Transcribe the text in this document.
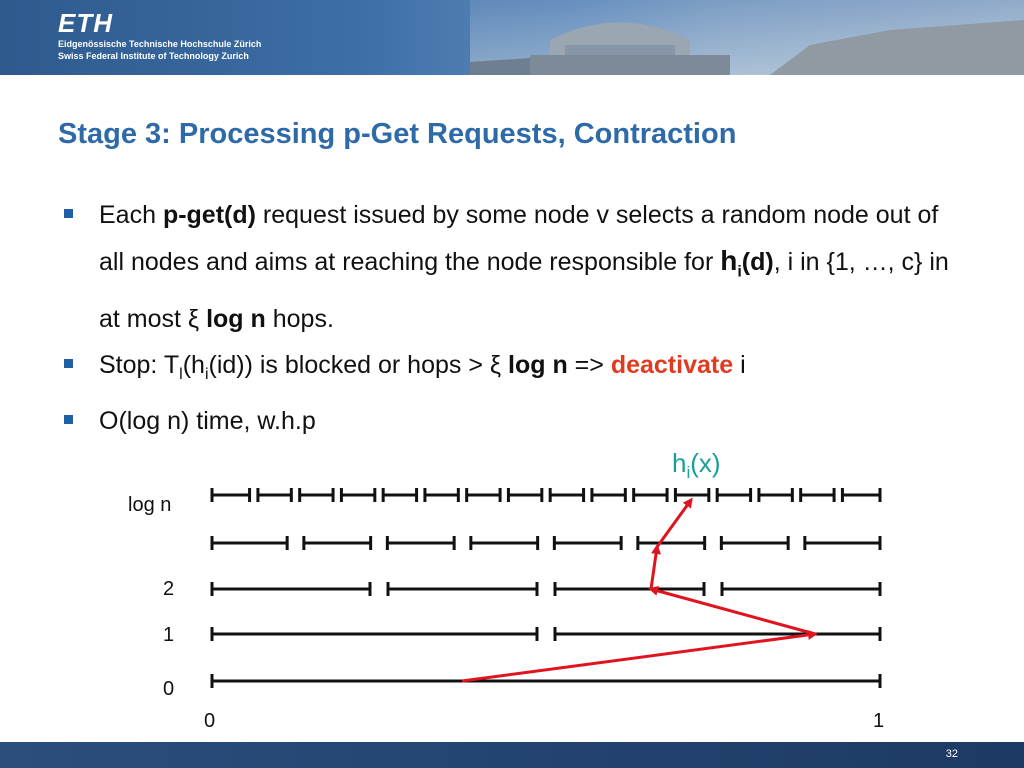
ETH
Eidgenössische Technische Hochschule Zürich
Swiss Federal Institute of Technology Zurich
Stage 3: Processing p-Get Requests, Contraction
Each p-get(d) request issued by some node v selects a random node out of all nodes and aims at reaching the node responsible for $h_i(d)$, i in {1, …, c} in at most ξ log n hops.
Stop: $T_l(h_i(id))$ is blocked or hops > ξ log n => deactivate i
O(log n) time, w.h.p
$h_i(x)$
log n
2
1
0
0	1
32
